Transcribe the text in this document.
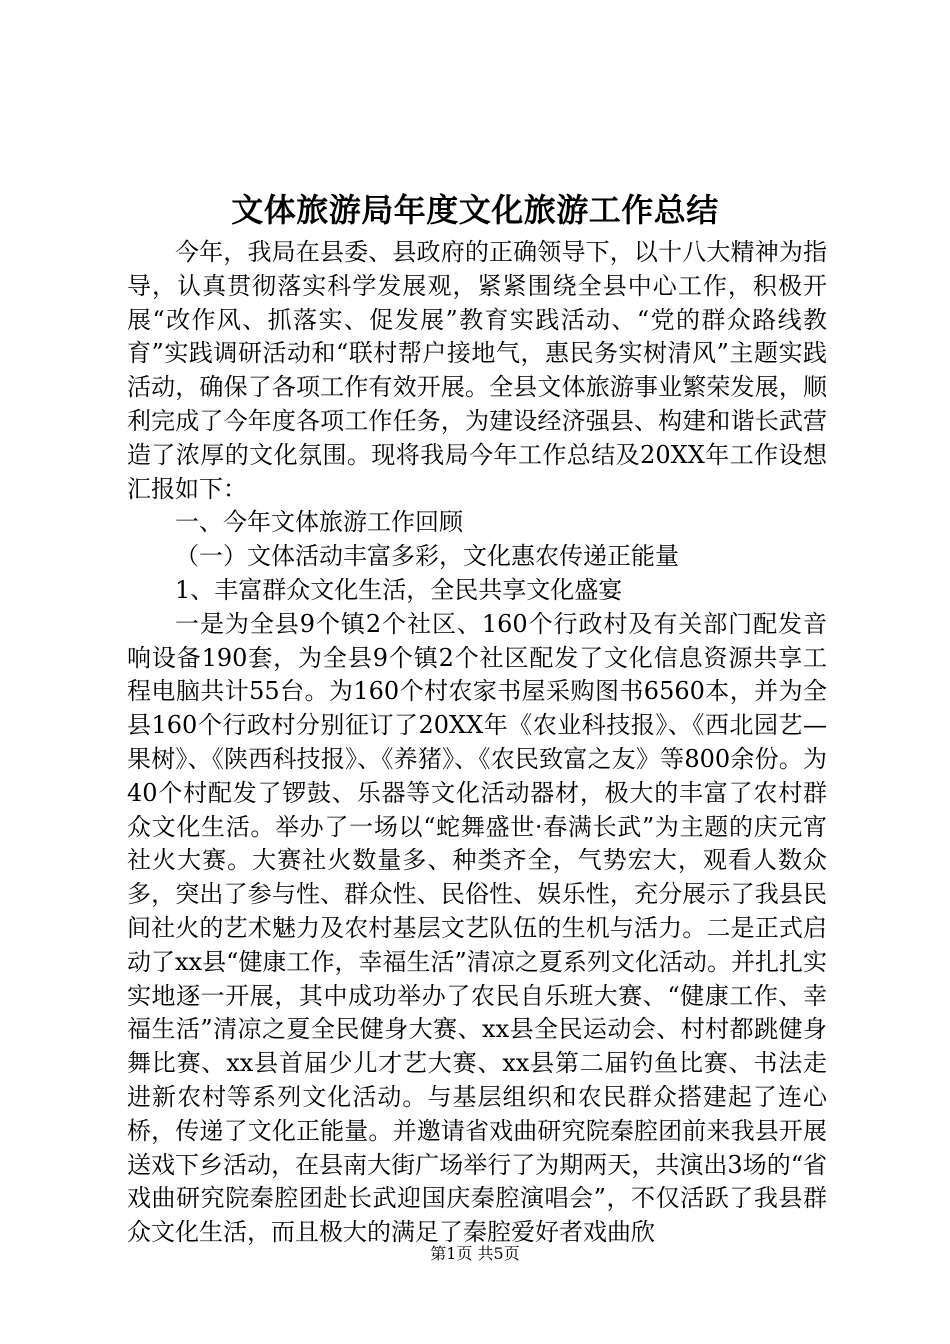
文体旅游局年度文化旅游工作总结

今年，我局在县委、县政府的正确领导下，以十八大精神为指导，认真贯彻落实科学发展观，紧紧围绕全县中心工作，积极开展“改作风、抓落实、促发展”教育实践活动、“党的群众路线教育”实践调研活动和“联村帮户接地气，惠民务实树清风”主题实践活动，确保了各项工作有效开展。全县文体旅游事业繁荣发展，顺利完成了今年度各项工作任务，为建设经济强县、构建和谐长武营造了浓厚的文化氛围。现将我局今年工作总结及20XX年工作设想汇报如下：

一、今年文体旅游工作回顾

（一）文体活动丰富多彩，文化惠农传递正能量

1、丰富群众文化生活，全民共享文化盛宴

一是为全县9个镇2个社区、160个行政村及有关部门配发音响设备190套，为全县9个镇2个社区配发了文化信息资源共享工程电脑共计55台。为160个村农家书屋采购图书6560本，并为全县160个行政村分别征订了20XX年《农业科技报》、《西北园艺—果树》、《陕西科技报》、《养猪》、《农民致富之友》等800余份。为40个村配发了锣鼓、乐器等文化活动器材，极大的丰富了农村群众文化生活。举办了一场以“蛇舞盛世·春满长武”为主题的庆元宵社火大赛。大赛社火数量多、种类齐全，气势宏大，观看人数众多，突出了参与性、群众性、民俗性、娱乐性，充分展示了我县民间社火的艺术魅力及农村基层文艺队伍的生机与活力。二是正式启动了xx县“健康工作，幸福生活”清凉之夏系列文化活动。并扎扎实实地逐一开展，其中成功举办了农民自乐班大赛、“健康工作、幸福生活”清凉之夏全民健身大赛、xx县全民运动会、村村都跳健身舞比赛、xx县首届少儿才艺大赛、xx县第二届钓鱼比赛、书法走进新农村等系列文化活动。与基层组织和农民群众搭建起了连心桥，传递了文化正能量。并邀请省戏曲研究院秦腔团前来我县开展送戏下乡活动，在县南大街广场举行了为期两天，共演出3场的“省戏曲研究院秦腔团赴长武迎国庆秦腔演唱会”，不仅活跃了我县群众文化生活，而且极大的满足了秦腔爱好者戏曲欣

第1页 共5页
